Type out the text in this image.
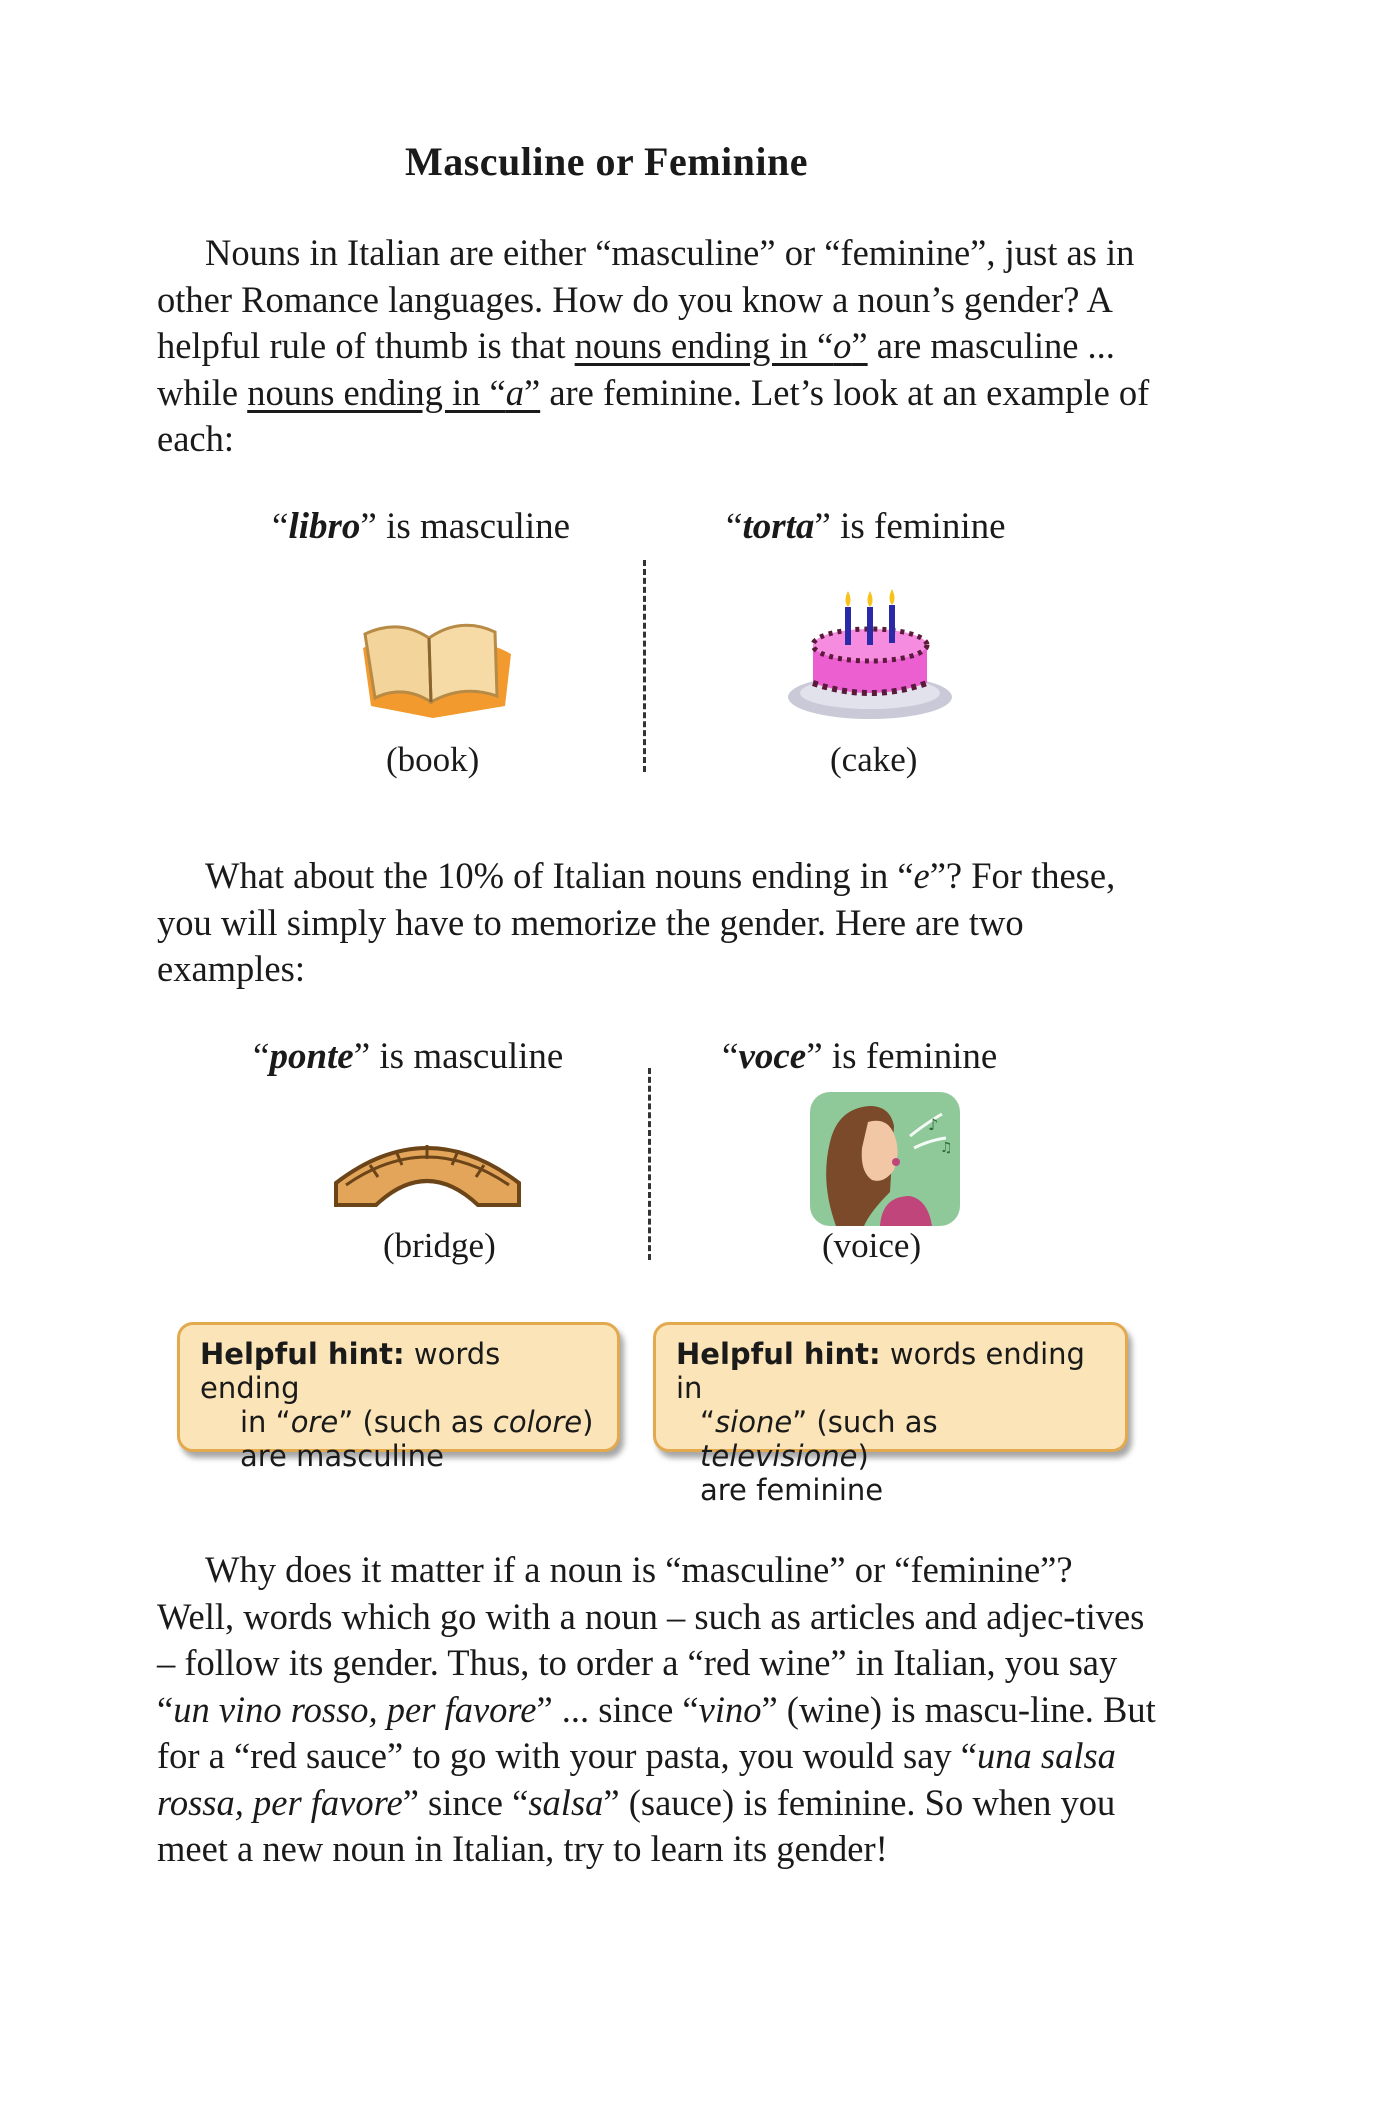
Masculine or Feminine

Nouns in Italian are either “masculine” or “feminine”, just as in other Romance languages. How do you know a noun’s gender? A helpful rule of thumb is that nouns ending in “o” are masculine ... while nouns ending in “a” are feminine. Let’s look at an example of each:

“libro” is masculine	“torta” is feminine
(book)	(cake)

What about the 10% of Italian nouns ending in “e”? For these, you will simply have to memorize the gender. Here are two examples:

“ponte” is masculine	“voce” is feminine
♪
♫
(bridge)	(voice)
Helpful hint: words ending
in “ore” (such as colore)
are masculine
Helpful hint: words ending in
“sione” (such as televisione)
are feminine

Why does it matter if a noun is “masculine” or “feminine”? Well, words which go with a noun – such as articles and adjec-tives – follow its gender. Thus, to order a “red wine” in Italian, you say “un vino rosso, per favore” ... since “vino” (wine) is mascu-line. But for a “red sauce” to go with your pasta, you would say “una salsa rossa, per favore” since “salsa” (sauce) is feminine. So when you meet a new noun in Italian, try to learn its gender!
